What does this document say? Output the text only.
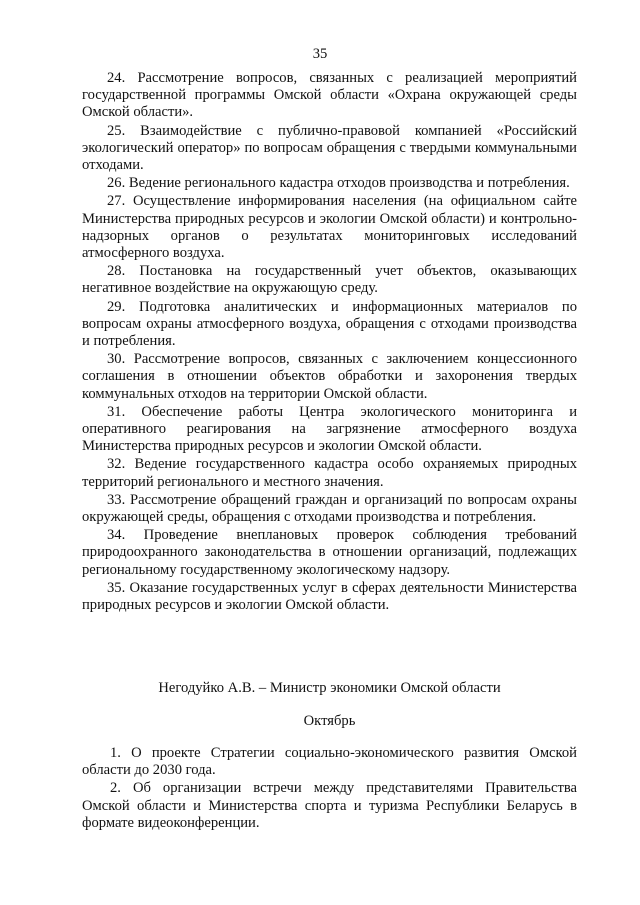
35

24. Рассмотрение вопросов, связанных с реализацией мероприятий государственной программы Омской области «Охрана окружающей среды Омской области».

25. Взаимодействие с публично-правовой компанией «Российский экологический оператор» по вопросам обращения с твердыми коммунальными отходами.

26. Ведение регионального кадастра отходов производства и потребления.

27. Осуществление информирования населения (на официальном сайте Министерства природных ресурсов и экологии Омской области) и контрольно-надзорных органов о результатах мониторинговых исследований атмосферного воздуха.

28. Постановка на государственный учет объектов, оказывающих негативное воздействие на окружающую среду.

29. Подготовка аналитических и информационных материалов по вопросам охраны атмосферного воздуха, обращения с отходами производства и потребления.

30. Рассмотрение вопросов, связанных с заключением концессионного соглашения в отношении объектов обработки и захоронения твердых коммунальных отходов на территории Омской области.

31. Обеспечение работы Центра экологического мониторинга и оперативного реагирования на загрязнение атмосферного воздуха Министерства природных ресурсов и экологии Омской области.

32. Ведение государственного кадастра особо охраняемых природных территорий регионального и местного значения.

33. Рассмотрение обращений граждан и организаций по вопросам охраны окружающей среды, обращения с отходами производства и потребления.

34. Проведение внеплановых проверок соблюдения требований природоохранного законодательства в отношении организаций, подлежащих региональному государственному экологическому надзору.

35. Оказание государственных услуг в сферах деятельности Министерства природных ресурсов и экологии Омской области.

Негодуйко А.В. – Министр экономики Омской области
Октябрь

1. О проекте Стратегии социально-экономического развития Омской области до 2030 года.

2. Об организации встречи между представителями Правительства Омской области и Министерства спорта и туризма Республики Беларусь в формате видеоконференции.
